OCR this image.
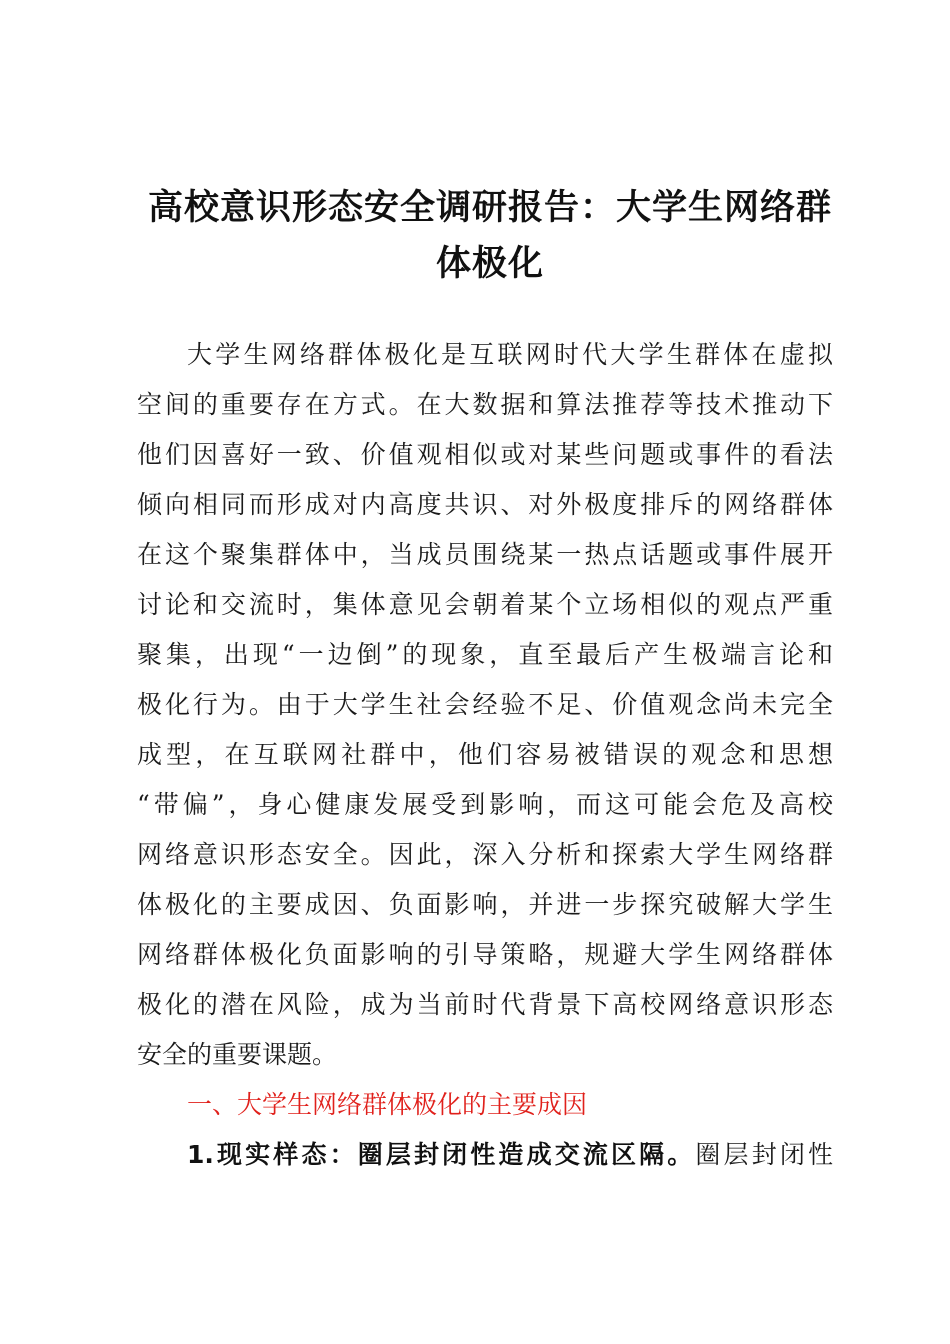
高校意识形态安全调研报告：大学生网络群
体极化
大学生网络群体极化是互联网时代大学生群体在虚拟
空间的重要存在方式。在大数据和算法推荐等技术推动下
他们因喜好一致、价值观相似或对某些问题或事件的看法
倾向相同而形成对内高度共识、对外极度排斥的网络群体
在这个聚集群体中，当成员围绕某一热点话题或事件展开
讨论和交流时，集体意见会朝着某个立场相似的观点严重
聚集，出现“一边倒”的现象，直至最后产生极端言论和
极化行为。由于大学生社会经验不足、价值观念尚未完全
成型，在互联网社群中，他们容易被错误的观念和思想
“带偏”，身心健康发展受到影响，而这可能会危及高校
网络意识形态安全。因此，深入分析和探索大学生网络群
体极化的主要成因、负面影响，并进一步探究破解大学生
网络群体极化负面影响的引导策略，规避大学生网络群体
极化的潜在风险，成为当前时代背景下高校网络意识形态
安全的重要课题。
一、大学生网络群体极化的主要成因
1.现实样态：圈层封闭性造成交流区隔。圈层封闭性
